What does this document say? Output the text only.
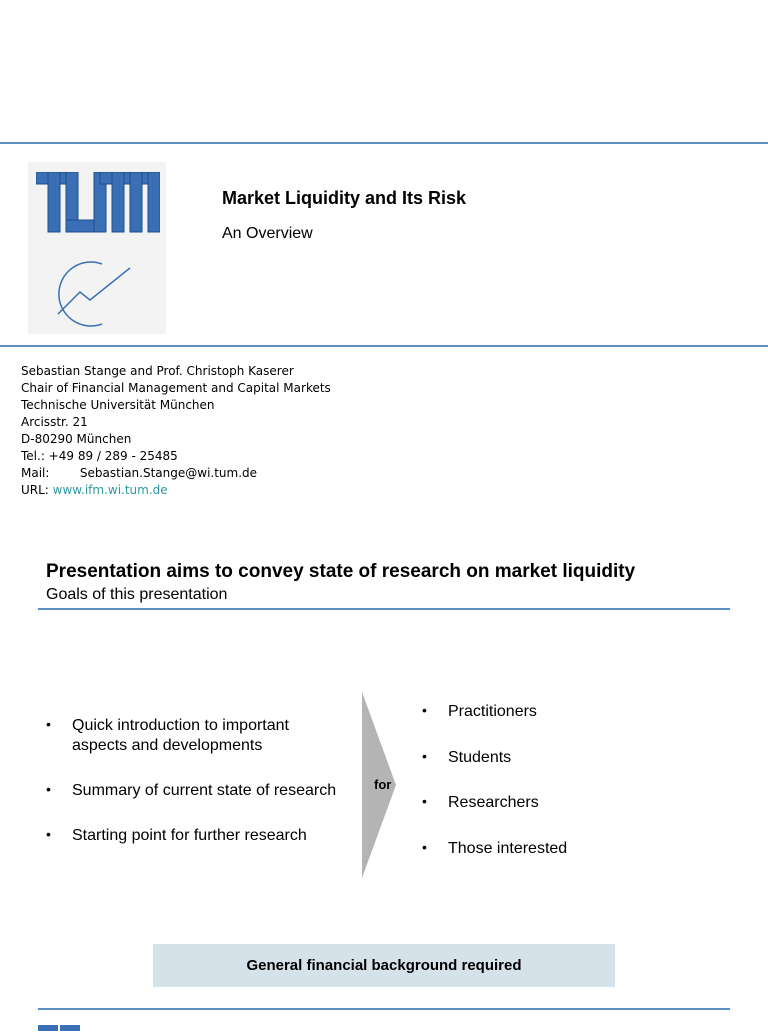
Market Liquidity and Its Risk
An Overview
Sebastian Stange and Prof. Christoph Kaserer
Chair of Financial Management and Capital Markets
Technische Universität München
Arcisstr. 21
D-80290 München
Tel.: +49 89 / 289 - 25485
Mail:        Sebastian.Stange@wi.tum.de
URL: www.ifm.wi.tum.de
Presentation aims to convey state of research on market liquidity
Goals of this presentation
• Quick introduction to important aspects and developments
• Summary of current state of research
• Starting point for further research
for
• Practitioners
• Students
• Researchers
• Those interested
General financial background required
